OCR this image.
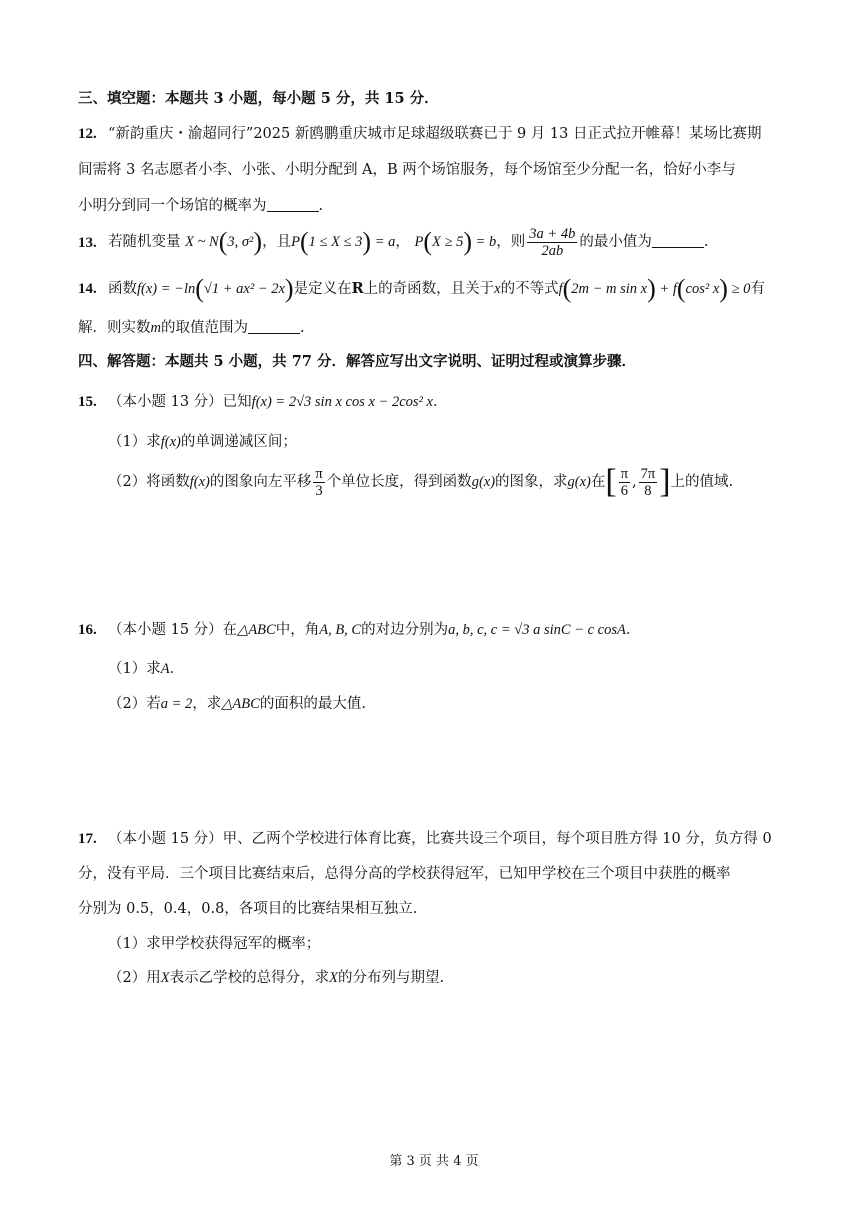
三、填空题：本题共 3 小题，每小题 5 分，共 15 分．
12. “新韵重庆・渝超同行”2025 新鸥鹏重庆城市足球超级联赛已于 9 月 13 日正式拉开帷幕！某场比赛期
间需将 3 名志愿者小李、小张、小明分配到 A，B 两个场馆服务，每个场馆至少分配一名，恰好小李与
小明分到同一个场馆的概率为	.
13. 若随机变量 X ~ N(3, σ²)，且P(1 ≤ X ≤ 3) = a， P(X ≥ 5) = b，则 $\frac{3a + 4b}{2ab}$ 的最小值为	.
14. 函数f(x) = −ln(√1 + ax² − 2x)是定义在R上的奇函数，且关于x的不等式f(2m − m sin x) + f(cos² x) ≥ 0有
解．则实数m的取值范围为	.
四、解答题：本题共 5 小题，共 77 分．解答应写出文字说明、证明过程或演算步骤．
15. （本小题 13 分）已知f(x) = 2√3 sin x cos x − 2cos² x．
（1）求f(x)的单调递减区间；
（2）将函数f(x)的图象向左平移 $\frac{\pi}{3}$ 个单位长度，得到函数g(x)的图象，求g(x)在[ $\frac{\pi}{6}$ , $\frac{7\pi}{8}$ ]上的值域.
16. （本小题 15 分）在△ABC中，角A, B, C的对边分别为a, b, c, c = √3 a sinC − c cosA．
（1）求A．
（2）若a = 2，求△ABC的面积的最大值.
17. （本小题 15 分）甲、乙两个学校进行体育比赛，比赛共设三个项目，每个项目胜方得 10 分，负方得 0
分，没有平局．三个项目比赛结束后，总得分高的学校获得冠军，已知甲学校在三个项目中获胜的概率
分别为 0.5，0.4，0.8，各项目的比赛结果相互独立.
（1）求甲学校获得冠军的概率；
（2）用X表示乙学校的总得分，求X的分布列与期望.
第 3 页 共 4 页
